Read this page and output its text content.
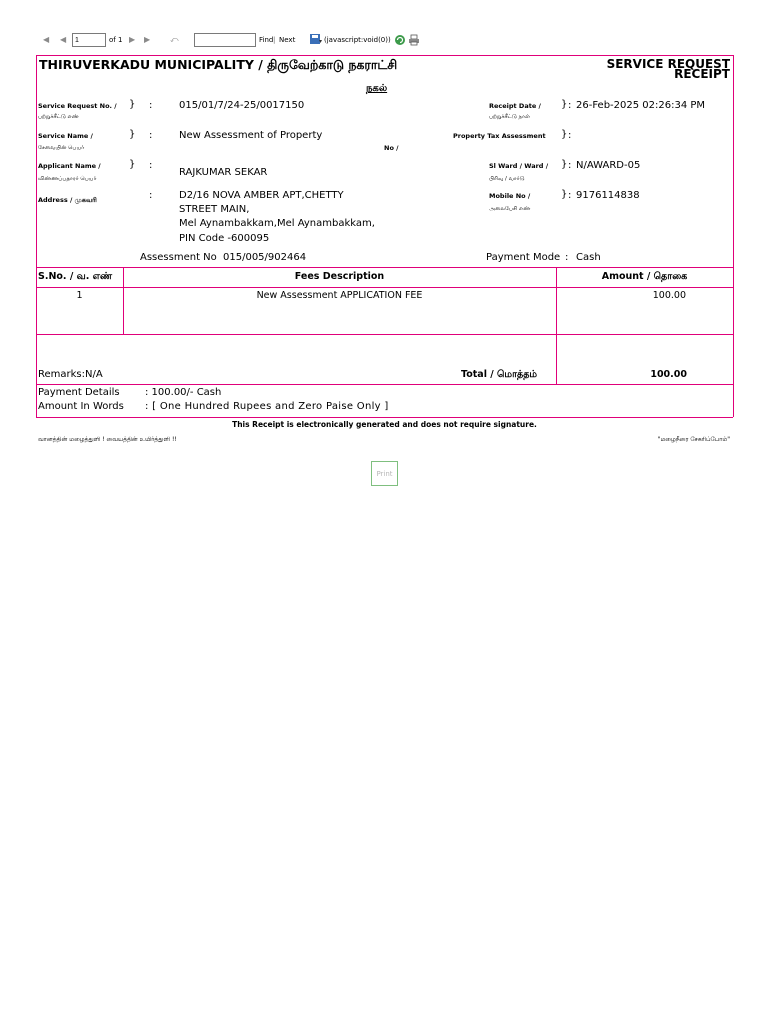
◀  ◀
1	of 1 ▶ ▶  ⤺	Find | Next	(javascript:void(0))
THIRUVERKADU MUNICIPALITY / திருவேற்காடு நகராட்சி	SERVICE REQUEST
RECEIPT
நகல்
Service Request No. /
பற்றுச்சீட்டு எண்
} :	015/01/7/24-25/0017150
Service Name /
சேவையின் பெயர்
} :	New Assessment of Property
Applicant Name /
விண்ணப்பதாரர் பெயர்
} :
RAJKUMAR SEKAR
Address / முகவரி	:	D2/16 NOVA AMBER APT,CHETTY
STREET MAIN,
Mel Aynambakkam,Mel Aynambakkam,
PIN Code -600095
Receipt Date /
பற்றுச்சீட்டு நாள்
} : 26-Feb-2025 02:26:34 PM
Property Tax Assessment
No /
} :
Sl Ward / Ward /
பிரிவு / வார்டு
} : N/AWARD-05
Mobile No /
அலைபேசி எண்
} : 9176114838
Assessment No 015/005/902464	Payment Mode : Cash
S.No. / வ. எண்	Fees Description	Amount / தொகை
1	New Assessment APPLICATION FEE	100.00
Remarks:N/A	Total / மொத்தம்	100.00
Payment Details	: 100.00/- Cash
Amount In Words : [ One Hundred Rupees and Zero Paise Only ]
This Receipt is electronically generated and does not require signature.
வானத்தின் மழைத்துளி ! வையத்தின் உயிர்த்துளி !!	"மழைநீரை சேகரிப்போம்"
Print
